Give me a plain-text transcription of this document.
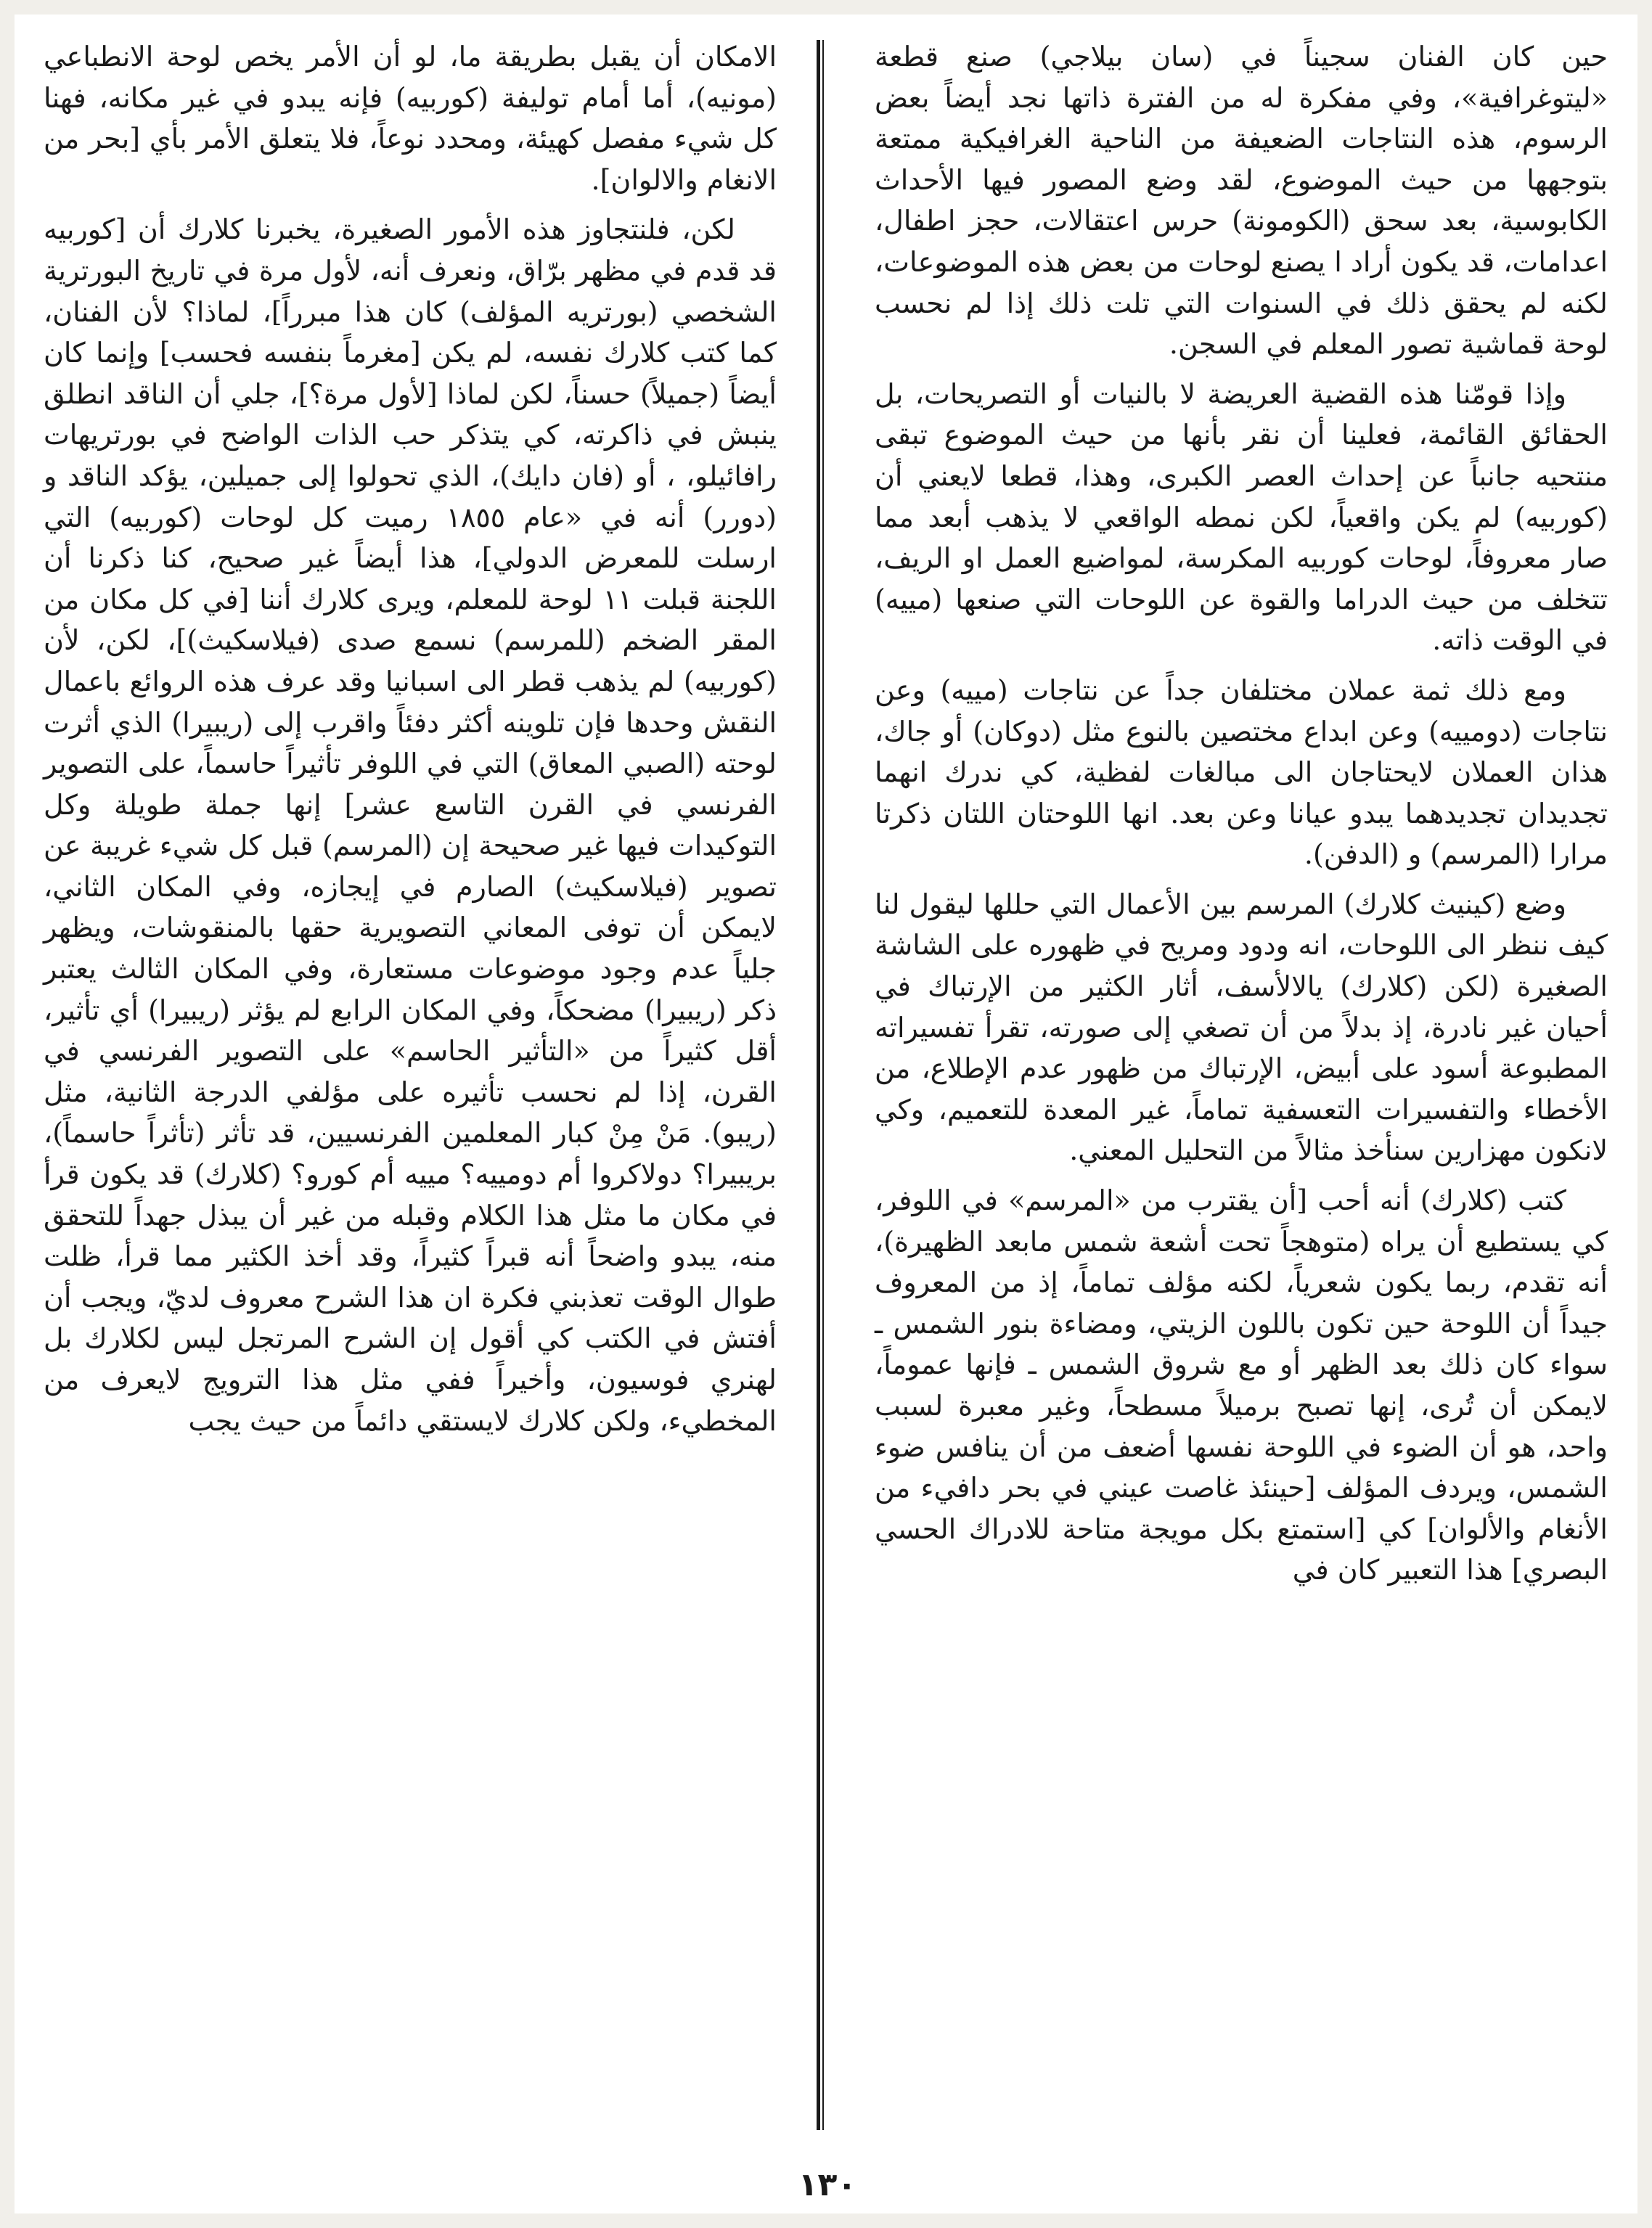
حين كان الفنان سجيناً في (سان بيلاجي) صنع قطعة «ليتوغرافية»، وفي مفكرة له من الفترة ذاتها نجد أيضاً بعض الرسوم، هذه النتاجات الضعيفة من الناحية الغرافيكية ممتعة بتوجهها من حيث الموضوع، لقد وضع المصور فيها الأحداث الكابوسية، بعد سحق (الكومونة) حرس اعتقالات، حجز اطفال، اعدامات، قد يكون أراد ا يصنع لوحات من بعض هذه الموضوعات، لكنه لم يحقق ذلك في السنوات التي تلت ذلك إذا لم نحسب لوحة قماشية تصور المعلم في السجن.

وإذا قومّنا هذه القضية العريضة لا بالنيات أو التصريحات، بل الحقائق القائمة، فعلينا أن نقر بأنها من حيث الموضوع تبقى منتحيه جانباً عن إحداث العصر الكبرى، وهذا، قطعا لايعني أن (كوربيه) لم يكن واقعياً، لكن نمطه الواقعي لا يذهب أبعد مما صار معروفاً، لوحات كوربيه المكرسة، لمواضيع العمل او الريف، تتخلف من حيث الدراما والقوة عن اللوحات التي صنعها (مييه) في الوقت ذاته.

ومع ذلك ثمة عملان مختلفان جداً عن نتاجات (مييه) وعن نتاجات (دومييه) وعن ابداع مختصين بالنوع مثل (دوكان) أو جاك، هذان العملان لايحتاجان الى مبالغات لفظية، كي ندرك انهما تجديدان تجديدهما يبدو عيانا وعن بعد. انها اللوحتان اللتان ذكرتا مرارا (المرسم) و (الدفن).

وضع (كينيث كلارك) المرسم بين الأعمال التي حللها ليقول لنا كيف ننظر الى اللوحات، انه ودود ومريح في ظهوره على الشاشة الصغيرة (لكن (كلارك) يالالأسف، أثار الكثير من الإرتباك في أحيان غير نادرة، إذ بدلاً من أن تصغي إلى صورته، تقرأ تفسيراته المطبوعة أسود على أبيض، الإرتباك من ظهور عدم الإطلاع، من الأخطاء والتفسيرات التعسفية تماماً، غير المعدة للتعميم، وكي لانكون مهزارين سنأخذ مثالاً من التحليل المعني.

كتب (كلارك) أنه أحب [أن يقترب من «المرسم» في اللوفر، كي يستطيع أن يراه (متوهجاً تحت أشعة شمس مابعد الظهيرة)، أنه تقدم، ربما يكون شعرياً، لكنه مؤلف تماماً، إذ من المعروف جيداً أن اللوحة حين تكون باللون الزيتي، ومضاءة بنور الشمس ـ سواء كان ذلك بعد الظهر أو مع شروق الشمس ـ فإنها عموماً، لايمكن أن تُرى، إنها تصبح برميلاً مسطحاً، وغير معبرة لسبب واحد، هو أن الضوء في اللوحة نفسها أضعف من أن ينافس ضوء الشمس، ويردف المؤلف [حينئذ غاصت عيني في بحر دافيء من الأنغام والألوان] كي [استمتع بكل مويجة متاحة للادراك الحسي البصري] هذا التعبير كان في

الامكان أن يقبل بطريقة ما، لو أن الأمر يخص لوحة الانطباعي (مونيه)، أما أمام توليفة (كوربيه) فإنه يبدو في غير مكانه، فهنا كل شيء مفصل كهيئة، ومحدد نوعاً، فلا يتعلق الأمر بأي [بحر من الانغام والالوان].

لكن، فلنتجاوز هذه الأمور الصغيرة، يخبرنا كلارك أن [كوربيه قد قدم في مظهر برّاق، ونعرف أنه، لأول مرة في تاريخ البورترية الشخصي (بورتريه المؤلف) كان هذا مبرراً]، لماذا؟ لأن الفنان، كما كتب كلارك نفسه، لم يكن [مغرماً بنفسه فحسب] وإنما كان أيضاً (جميلاً) حسناً، لكن لماذا [لأول مرة؟]، جلي أن الناقد انطلق ينبش في ذاكرته، كي يتذكر حب الذات الواضح في بورتريهات رافائيلو، ، أو (فان دايك)، الذي تحولوا إلى جميلين، يؤكد الناقد و (دورر) أنه في «عام ١٨٥٥ رميت كل لوحات (كوربيه) التي ارسلت للمعرض الدولي]، هذا أيضاً غير صحيح، كنا ذكرنا أن اللجنة قبلت ١١ لوحة للمعلم، ويرى كلارك أننا [في كل مكان من المقر الضخم (للمرسم) نسمع صدى (فيلاسكيث)]، لكن، لأن (كوربيه) لم يذهب قطر الى اسبانيا وقد عرف هذه الروائع باعمال النقش وحدها فإن تلوينه أكثر دفئاً واقرب إلى (ريبيرا) الذي أثرت لوحته (الصبي المعاق) التي في اللوفر تأثيراً حاسماً، على التصوير الفرنسي في القرن التاسع عشر] إنها جملة طويلة وكل التوكيدات فيها غير صحيحة إن (المرسم) قبل كل شيء غريبة عن تصوير (فيلاسكيث) الصارم في إيجازه، وفي المكان الثاني، لايمكن أن توفى المعاني التصويرية حقها بالمنقوشات، ويظهر جلياً عدم وجود موضوعات مستعارة، وفي المكان الثالث يعتبر ذكر (ريبيرا) مضحكاً، وفي المكان الرابع لم يؤثر (ريبيرا) أي تأثير، أقل كثيراً من «التأثير الحاسم» على التصوير الفرنسي في القرن، إذا لم نحسب تأثيره على مؤلفي الدرجة الثانية، مثل (ريبو). مَنْ مِنْ كبار المعلمين الفرنسيين، قد تأثر (تأثراً حاسماً)، بريبيرا؟ دولاكروا أم دومييه؟ مييه أم كورو؟ (كلارك) قد يكون قرأ في مكان ما مثل هذا الكلام وقبله من غير أن يبذل جهداً للتحقق منه، يبدو واضحاً أنه قبراً كثيراً، وقد أخذ الكثير مما قرأ، ظلت طوال الوقت تعذبني فكرة ان هذا الشرح معروف لديّ، ويجب أن أفتش في الكتب كي أقول إن الشرح المرتجل ليس لكلارك بل لهنري فوسيون، وأخيراً ففي مثل هذا الترويج لايعرف من المخطيء، ولكن كلارك لايستقي دائماً من حيث يجب

١٣٠
